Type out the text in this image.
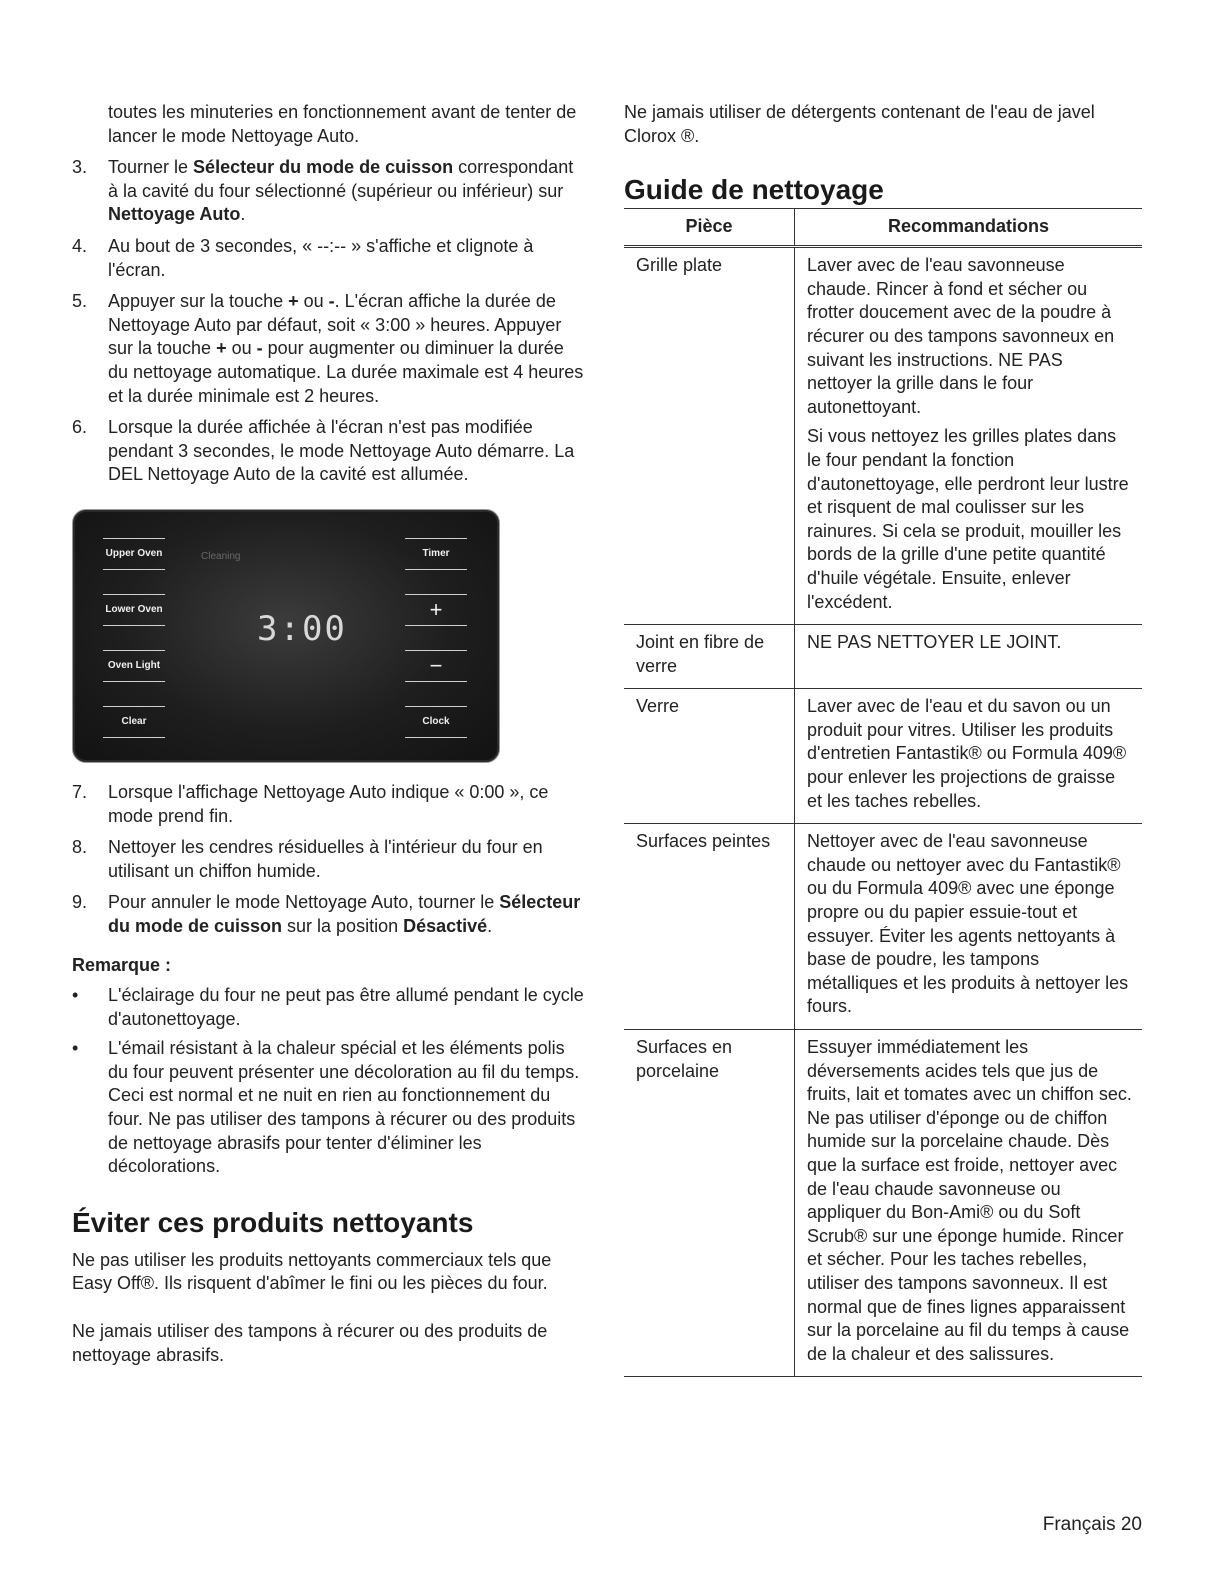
toutes les minuteries en fonctionnement avant de tenter de lancer le mode Nettoyage Auto.

3. Tourner le Sélecteur du mode de cuisson correspondant à la cavité du four sélectionné (supérieur ou inférieur) sur Nettoyage Auto.
4. Au bout de 3 secondes, « --:-- » s'affiche et clignote à l'écran.
5. Appuyer sur la touche + ou -. L'écran affiche la durée de Nettoyage Auto par défaut, soit « 3:00 » heures. Appuyer sur la touche + ou - pour augmenter ou diminuer la durée du nettoyage automatique. La durée maximale est 4 heures et la durée minimale est 2 heures.
6. Lorsque la durée affichée à l'écran n'est pas modifiée pendant 3 secondes, le mode Nettoyage Auto démarre. La DEL Nettoyage Auto de la cavité est allumée.
Upper Oven	Cleaning
Lower Oven
Oven Light
Clear
3:00
Timer
+
−
Clock
7. Lorsque l'affichage Nettoyage Auto indique « 0:00 », ce mode prend fin.
8. Nettoyer les cendres résiduelles à l'intérieur du four en utilisant un chiffon humide.
9. Pour annuler le mode Nettoyage Auto, tourner le Sélecteur du mode de cuisson sur la position Désactivé.

Remarque :

• L'éclairage du four ne peut pas être allumé pendant le cycle d'autonettoyage.
• L'émail résistant à la chaleur spécial et les éléments polis du four peuvent présenter une décoloration au fil du temps. Ceci est normal et ne nuit en rien au fonctionnement du four. Ne pas utiliser des tampons à récurer ou des produits de nettoyage abrasifs pour tenter d'éliminer les décolorations.
Éviter ces produits nettoyants

Ne pas utiliser les produits nettoyants commerciaux tels que Easy Off®. Ils risquent d'abîmer le fini ou les pièces du four.

Ne jamais utiliser des tampons à récurer ou des produits de nettoyage abrasifs.

Ne jamais utiliser de détergents contenant de l'eau de javel Clorox ®.

Guide de nettoyage
Pièce	Recommandations
Grille plate	Laver avec de l'eau savonneuse chaude. Rincer à fond et sécher ou frotter doucement avec de la poudre à récurer ou des tampons savonneux en suivant les instructions. NE PAS nettoyer la grille dans le four autonettoyant.
Si vous nettoyez les grilles plates dans le four pendant la fonction d'autonettoyage, elle perdront leur lustre et risquent de mal coulisser sur les rainures. Si cela se produit, mouiller les bords de la grille d'une petite quantité d'huile végétale. Ensuite, enlever l'excédent.

Joint en fibre de verre	NE PAS NETTOYER LE JOINT.
Verre	Laver avec de l'eau et du savon ou un produit pour vitres. Utiliser les produits d'entretien Fantastik® ou Formula 409® pour enlever les projections de graisse et les taches rebelles.
Surfaces peintes	Nettoyer avec de l'eau savonneuse chaude ou nettoyer avec du Fantastik® ou du Formula 409® avec une éponge propre ou du papier essuie-tout et essuyer. Éviter les agents nettoyants à base de poudre, les tampons métalliques et les produits à nettoyer les fours.
Surfaces en porcelaine	Essuyer immédiatement les déversements acides tels que jus de fruits, lait et tomates avec un chiffon sec. Ne pas utiliser d'éponge ou de chiffon humide sur la porcelaine chaude. Dès que la surface est froide, nettoyer avec de l'eau chaude savonneuse ou appliquer du Bon-Ami® ou du Soft Scrub® sur une éponge humide. Rincer et sécher. Pour les taches rebelles, utiliser des tampons savonneux. Il est normal que de fines lignes apparaissent sur la porcelaine au fil du temps à cause de la chaleur et des salissures.
Français 20
